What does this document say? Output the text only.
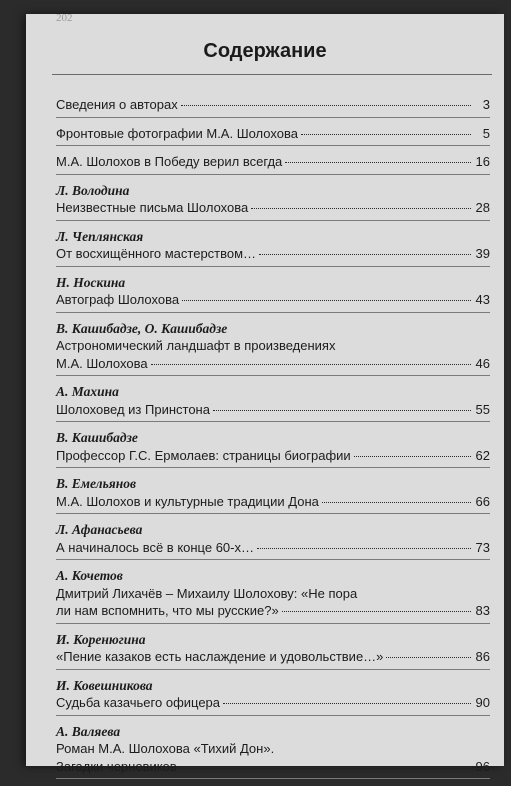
202
Содержание
Сведения о авторах	3
Фронтовые фотографии М.А. Шолохова	5
М.А. Шолохов в Победу верил всегда	16
Л. Володина
Неизвестные письма Шолохова	28
Л. Чеплянская
От восхищённого мастерством…	39
Н. Носкина
Автограф Шолохова	43
В. Кашибадзе, О. Кашибадзе
Астрономический ландшафт в произведениях
М.А. Шолохова	46
А. Махина
Шолоховед из Принстона	55
В. Кашибадзе
Профессор Г.С. Ермолаев: страницы биографии	62
В. Емельянов
М.А. Шолохов и культурные традиции Дона	66
Л. Афанасьева
А начиналось всё в конце 60-х…	73
А. Кочетов
Дмитрий Лихачёв – Михаилу Шолохову: «Не пора
ли нам вспомнить, что мы русские?»	83
И. Коренюгина
«Пение казаков есть наслаждение и удовольствие…»	86
И. Ковешникова
Судьба казачьего офицера	90
А. Валяева
Роман М.А. Шолохова «Тихий Дон».
Загадки черновиков	96
